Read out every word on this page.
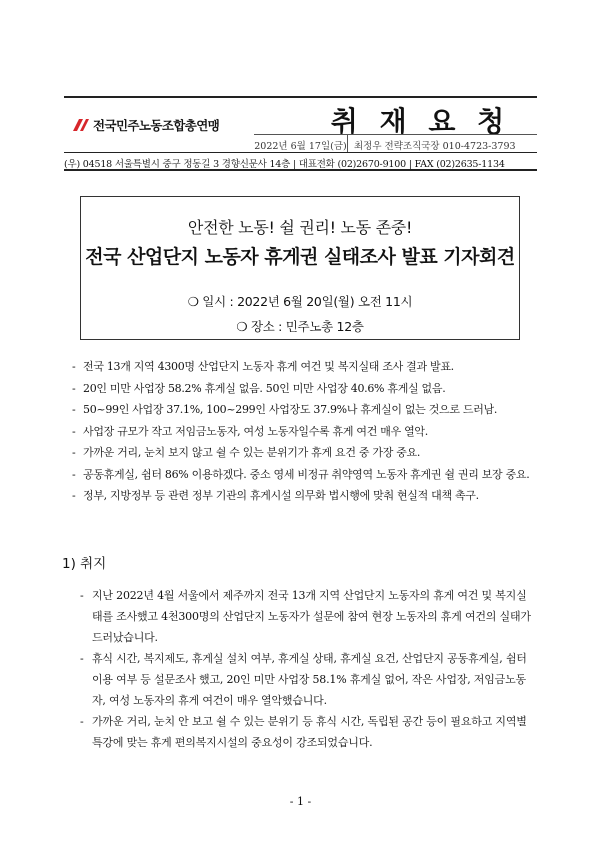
전국민주노동조합총연맹	취 재 요 청
2022년 6월 17일(금) 최정우 전략조직국장 010-4723-3793
(우) 04518 서울특별시 중구 정동길 3 경향신문사 14층 | 대표전화 (02)2670-9100 | FAX (02)2635-1134
안전한 노동! 쉴 권리! 노동 존중!
전국 산업단지 노동자 휴게권 실태조사 발표 기자회견
❍ 일시 : 2022년 6월 20일(월) 오전 11시
❍ 장소 : 민주노총 12층
- 전국 13개 지역 4300명 산업단지 노동자 휴게 여건 및 복지실태 조사 결과 발표.
- 20인 미만 사업장 58.2% 휴게실 없음. 50인 미만 사업장 40.6% 휴게실 없음.
- 50~99인 사업장 37.1%, 100~299인 사업장도 37.9%나 휴게실이 없는 것으로 드러남.
- 사업장 규모가 작고 저임금노동자, 여성 노동자일수록 휴게 여건 매우 열악.
- 가까운 거리, 눈치 보지 않고 쉴 수 있는 분위기가 휴게 요건 중 가장 중요.
- 공동휴게실, 쉼터 86% 이용하겠다. 중소 영세 비정규 취약영역 노동자 휴게권 쉴 권리 보장 중요.
- 정부, 지방정부 등 관련 정부 기관의 휴게시설 의무화 법시행에 맞춰 현실적 대책 촉구.
1) 취지
- 지난 2022년 4월 서울에서 제주까지 전국 13개 지역 산업단지 노동자의 휴게 여건 및 복지실태를 조사했고 4천300명의 산업단지 노동자가 설문에 참여 현장 노동자의 휴게 여건의 실태가 드러났습니다.
- 휴식 시간, 복지제도, 휴게실 설치 여부, 휴게실 상태, 휴게실 요건, 산업단지 공동휴게실, 쉼터 이용 여부 등 설문조사 했고, 20인 미만 사업장 58.1% 휴게실 없어, 작은 사업장, 저임금노동자, 여성 노동자의 휴게 여건이 매우 열악했습니다.
- 가까운 거리, 눈치 안 보고 쉴 수 있는 분위기 등 휴식 시간, 독립된 공간 등이 필요하고 지역별 특강에 맞는 휴게 편의복지시설의 중요성이 강조되었습니다.
- 1 -
